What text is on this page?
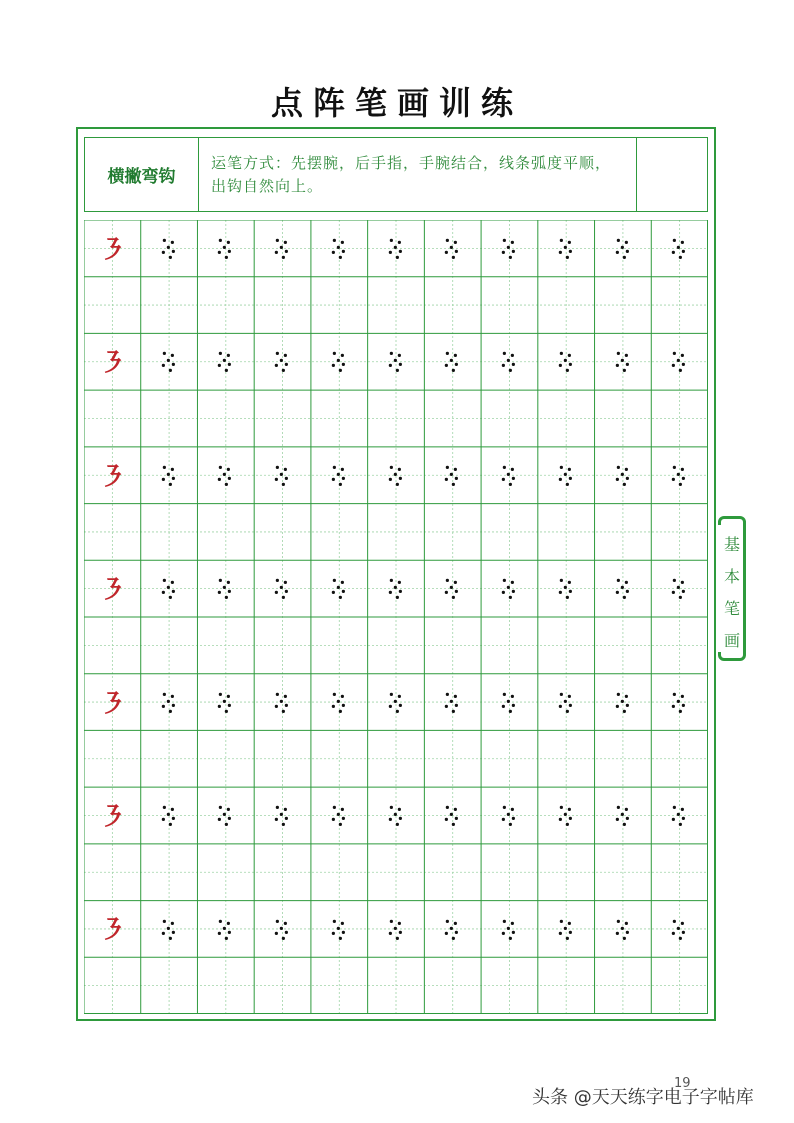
点阵笔画训练
横撇弯钩
运笔方式：先摆腕，后手指，手腕结合，线条弧度平顺，出钩自然向上。
㇋
㇋
㇋
㇋
㇋
㇋
㇋
基
本
笔
画
19
头条 @天天练字电子字帖库
